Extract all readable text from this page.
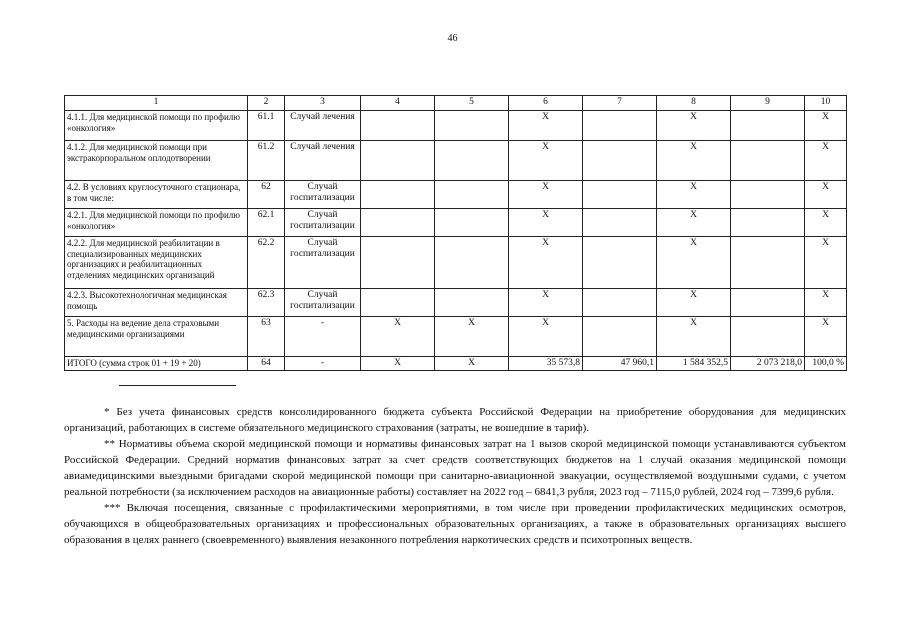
46
1	2	3	4	5	6	7	8	9	10
4.1.1. Для медицинской помощи по профилю «онкология»	61.1	Случай лечения			Х		Х		Х
4.1.2. Для медицинской помощи при экстракорпоральном оплодотворении	61.2	Случай лечения			Х		Х		Х
4.2. В условиях круглосуточного стационара, в том числе:	62	Случай госпитализации			Х		Х		Х
4.2.1. Для медицинской помощи по профилю «онкология»	62.1	Случай госпитализации			Х		Х		Х
4.2.2. Для медицинской реабилитации в специализированных медицинских организациях и реабилитационных отделениях медицинских организаций	62.2	Случай госпитализации			Х		Х		Х
4.2.3. Высокотехнологичная медицинская помощь	62.3	Случай госпитализации			Х		Х		Х
5. Расходы на ведение дела страховыми медицинскими организациями	63	-	Х	Х	Х		Х		Х
ИТОГО (сумма строк 01 + 19 + 20)	64	-	Х	Х	35 573,8	47 960,1	1 584 352,5	2 073 218,0	100,0 %

* Без учета финансовых средств консолидированного бюджета субъекта Российской Федерации на приобретение оборудования для медицинских организаций, работающих в системе обязательного медицинского страхования (затраты, не вошедшие в тариф).

** Нормативы объема скорой медицинской помощи и нормативы финансовых затрат на 1 вызов скорой медицинской помощи устанавливаются субъектом Российской Федерации. Средний норматив финансовых затрат за счет средств соответствующих бюджетов на 1 случай оказания медицинской помощи авиамедицинскими выездными бригадами скорой медицинской помощи при санитарно-авиационной эвакуации, осуществляемой воздушными судами, с учетом реальной потребности (за исключением расходов на авиационные работы) составляет на 2022 год – 6841,3 рубля, 2023 год – 7115,0 рублей, 2024 год – 7399,6 рубля.

*** Включая посещения, связанные с профилактическими мероприятиями, в том числе при проведении профилактических медицинских осмотров, обучающихся в общеобразовательных организациях и профессиональных образовательных организациях, а также в образовательных организациях высшего образования в целях раннего (своевременного) выявления незаконного потребления наркотических средств и психотропных веществ.
